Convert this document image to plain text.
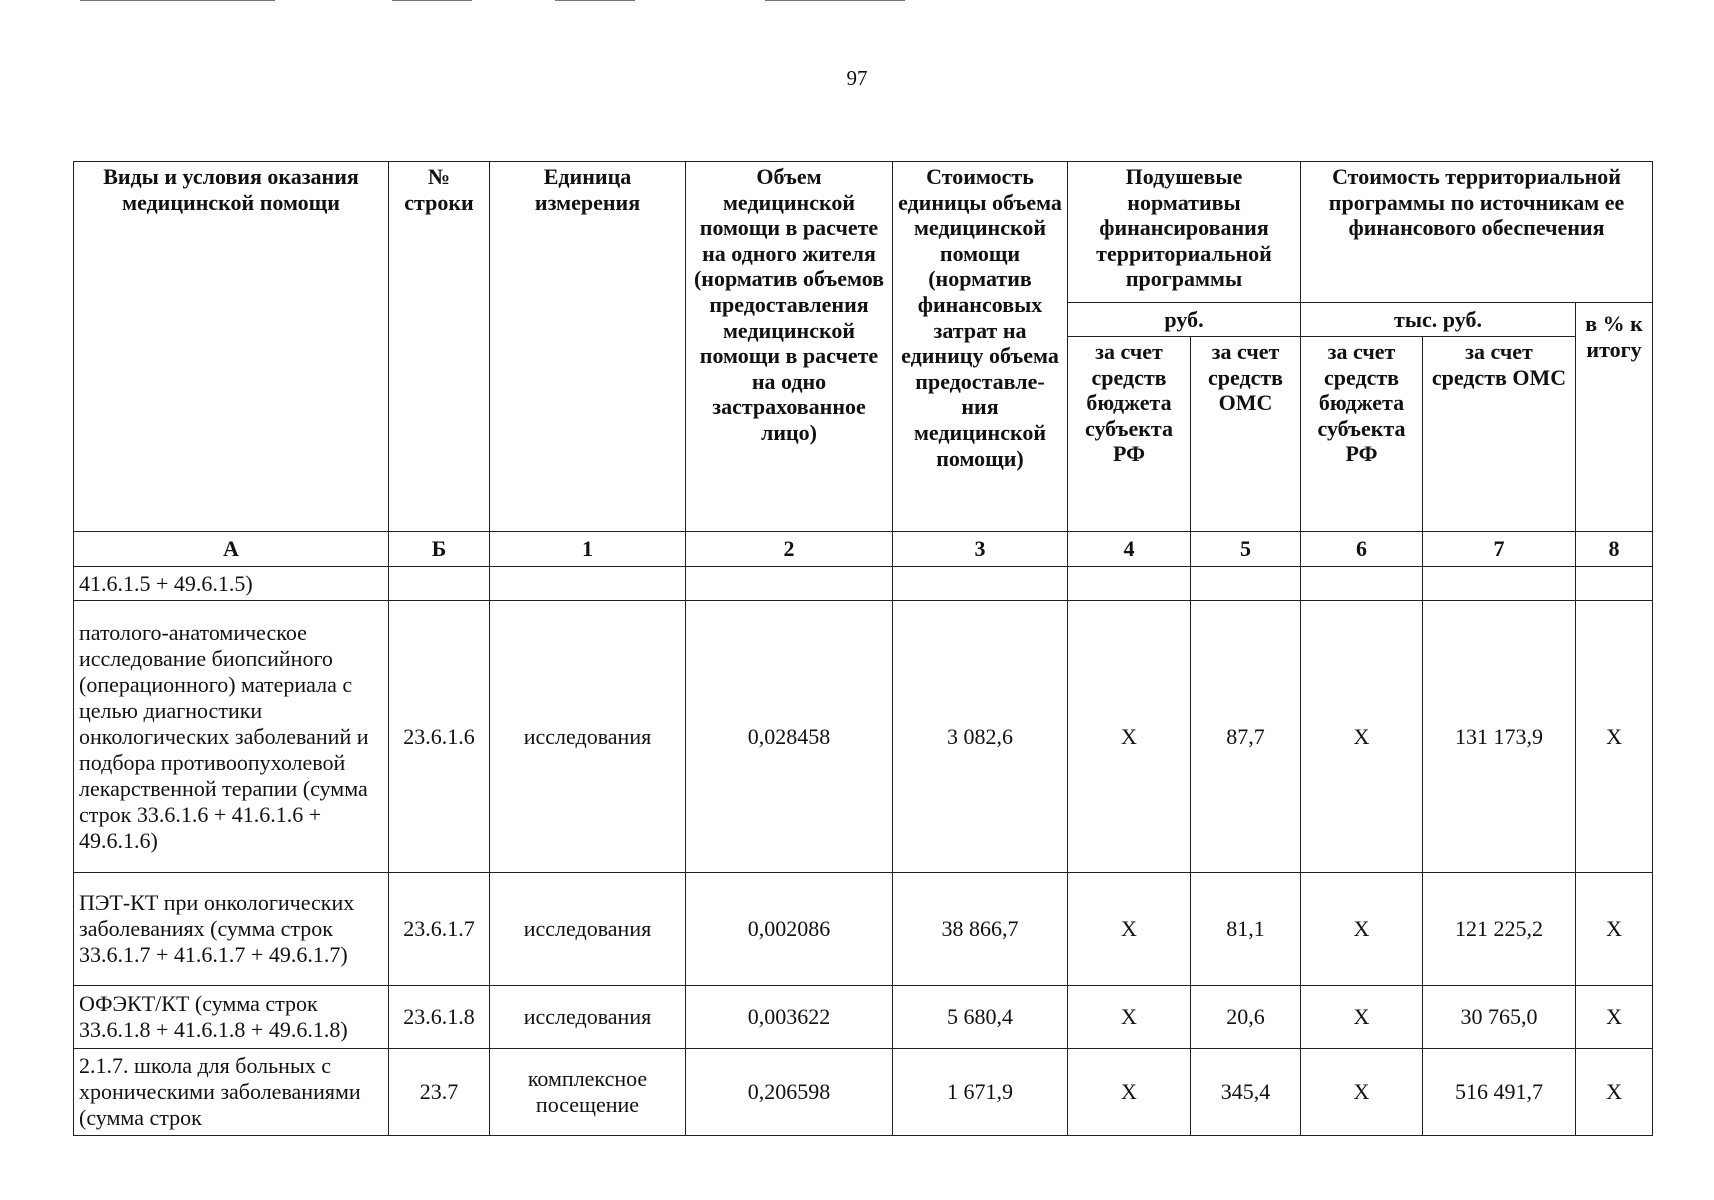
97
Виды и условия оказания медицинской помощи	№ строки	Единица измерения	Объем медицинской помощи в расчете на одного жителя (норматив объемов предоставления медицинской помощи в расчете на одно застрахованное лицо)	Стоимость единицы объема медицинской помощи (норматив финансовых затрат на единицу объема предоставле-ния медицинской помощи)	Подушевые нормативы финансирования территориальной программы		Стоимость территориальной программы по источникам ее финансового обеспечения		
					руб.		тыс. руб.		в % к итогу
					за счет средств бюджета субъекта РФ	за счет средств ОМС	за счет средств бюджета субъекта РФ	за счет средств ОМС	
А	Б	1	2	3	4	5	6	7	8
41.6.1.5 + 49.6.1.5)									
патолого-анатомическое исследование биопсийного (операционного) материала с целью диагностики онкологических заболеваний и подбора противоопухолевой лекарственной терапии (сумма строк 33.6.1.6 + 41.6.1.6 + 49.6.1.6)	23.6.1.6	исследования	0,028458	3 082,6	X	87,7	X	131 173,9	X
ПЭТ-КТ при онкологических заболеваниях (сумма строк 33.6.1.7 + 41.6.1.7 + 49.6.1.7)	23.6.1.7	исследования	0,002086	38 866,7	X	81,1	X	121 225,2	X
ОФЭКТ/КТ (сумма строк 33.6.1.8 + 41.6.1.8 + 49.6.1.8)	23.6.1.8	исследования	0,003622	5 680,4	X	20,6	X	30 765,0	X
2.1.7. школа для больных с хроническими заболеваниями (сумма строк	23.7	комплексное посещение	0,206598	1 671,9	X	345,4	X	516 491,7	X
